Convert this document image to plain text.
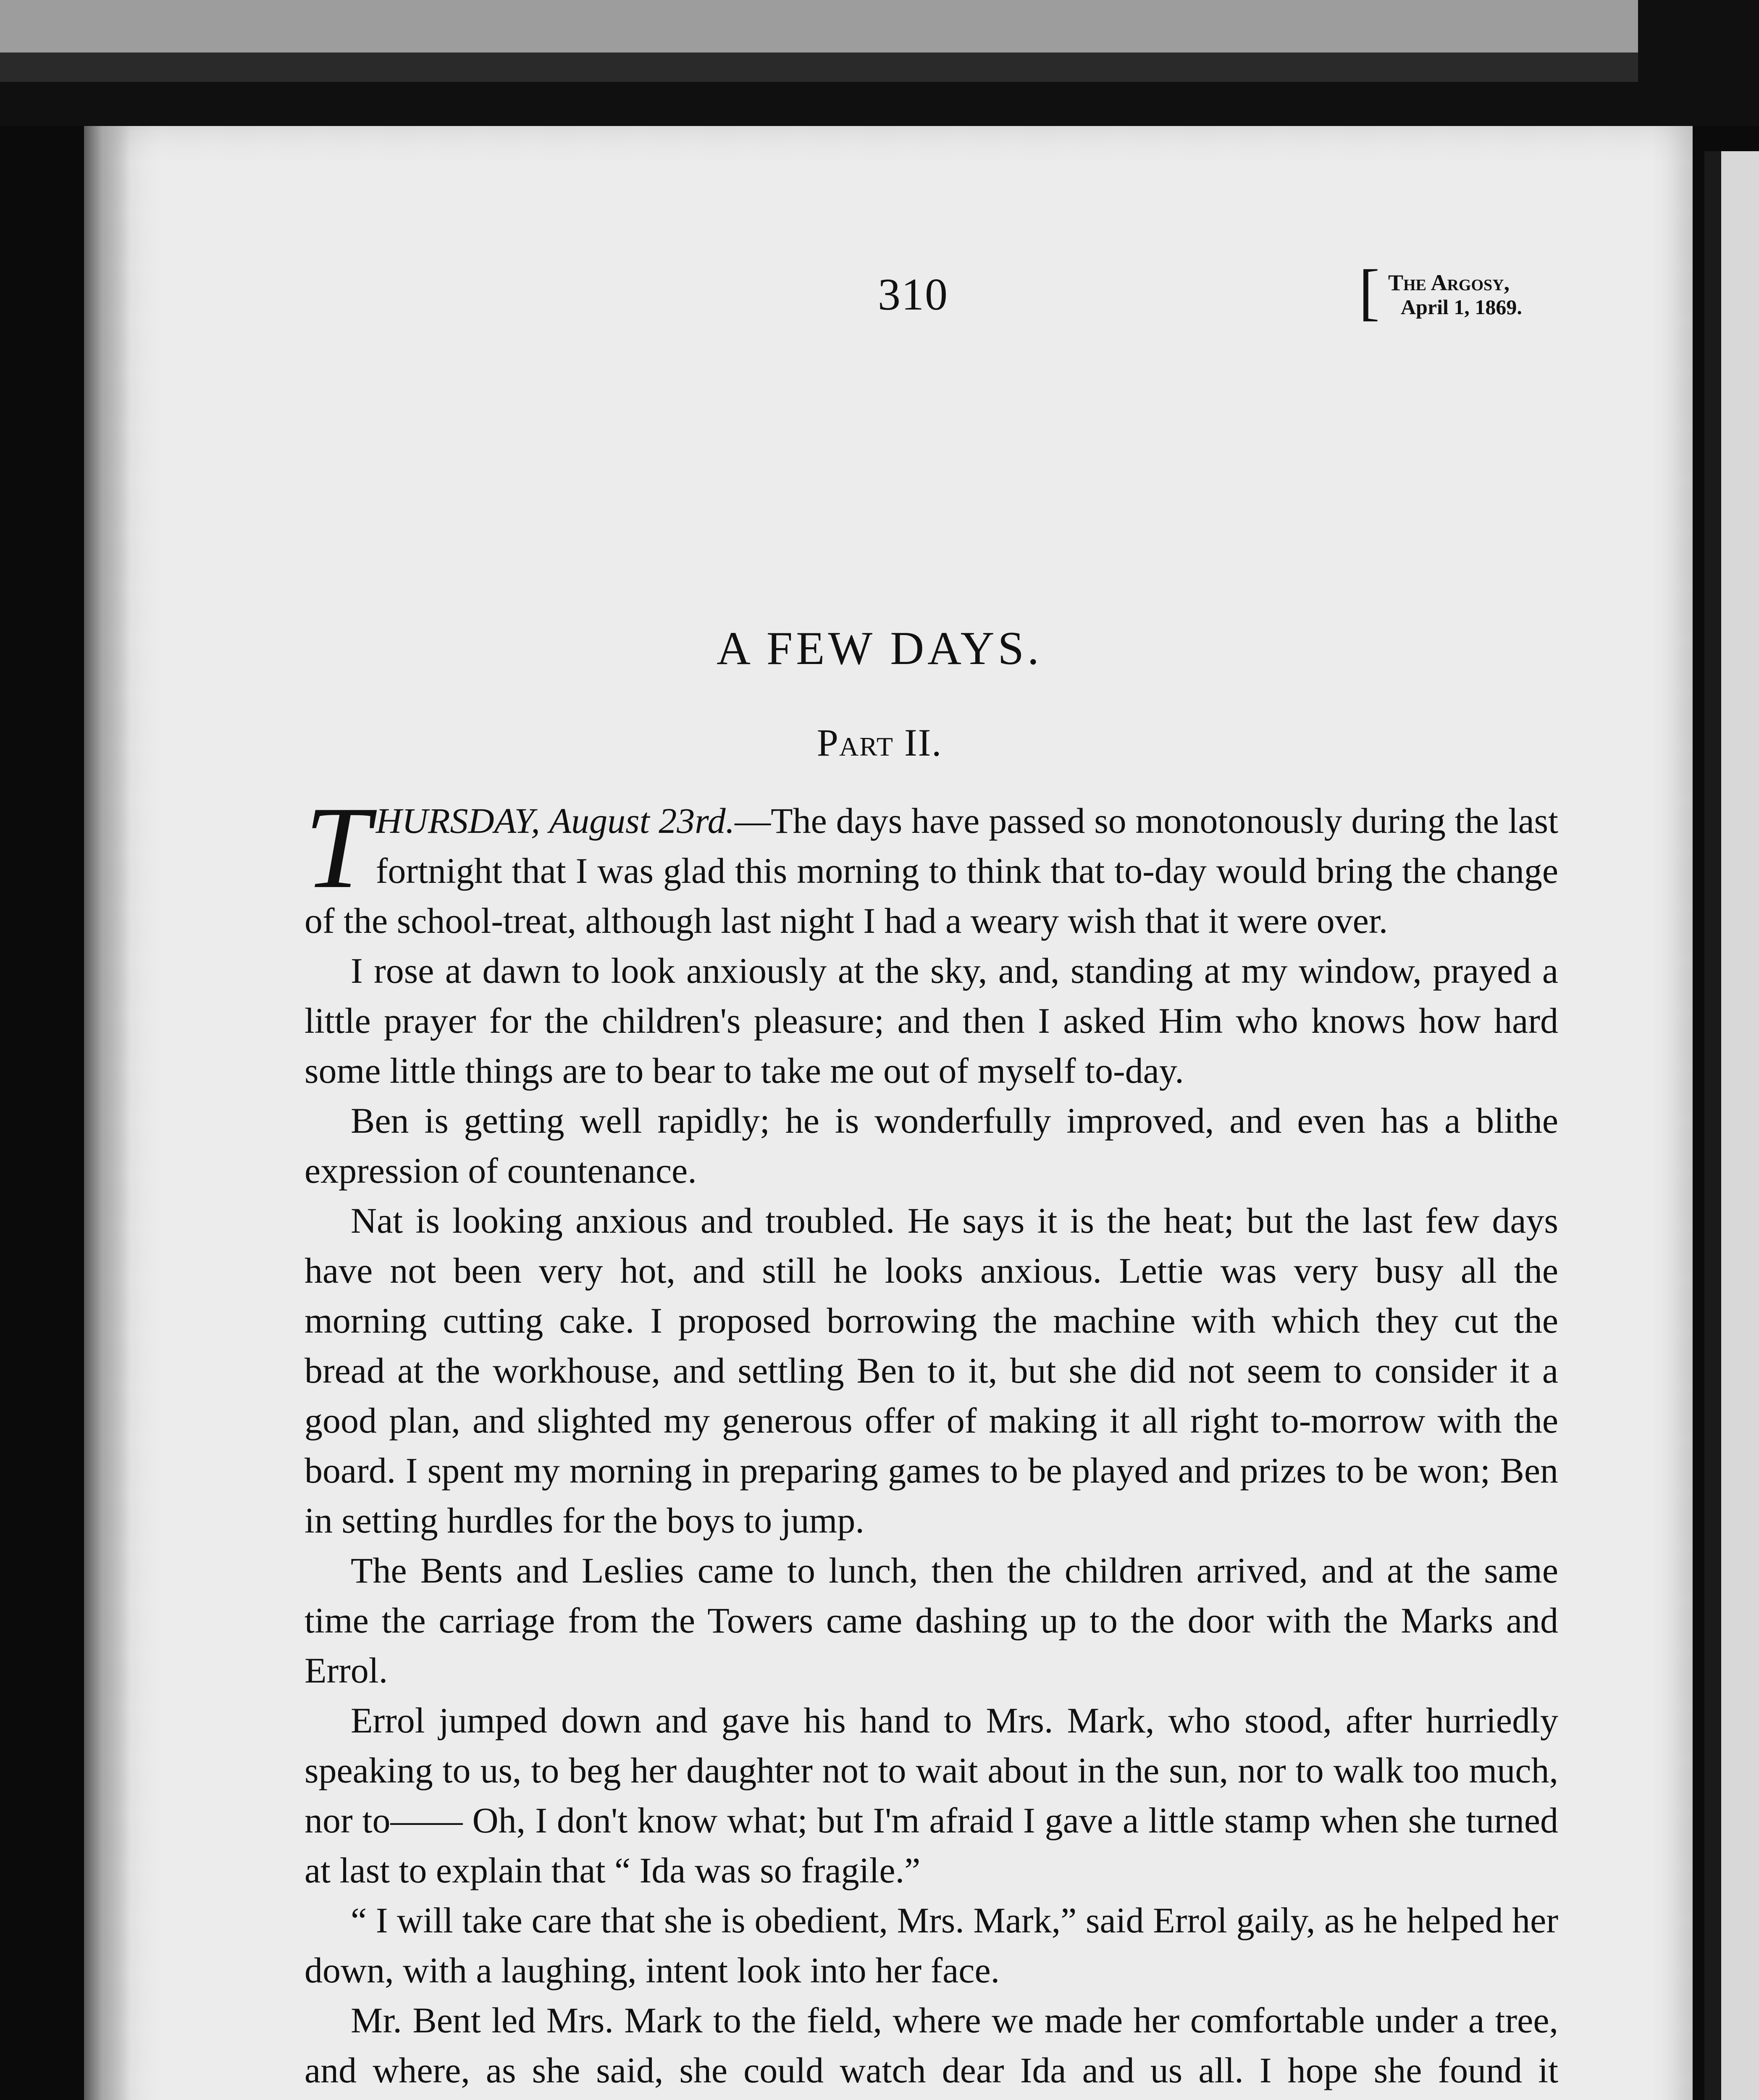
310	[ The Argosy,
April 1, 1869.
A FEW DAYS.
Part II.

THURSDAY, August 23rd.—The days have passed so monotonously during the last fortnight that I was glad this morning to think that to-day would bring the change of the school-treat, although last night I had a weary wish that it were over.

I rose at dawn to look anxiously at the sky, and, standing at my window, prayed a little prayer for the children's pleasure; and then I asked Him who knows how hard some little things are to bear to take me out of myself to-day.

Ben is getting well rapidly; he is wonderfully improved, and even has a blithe expression of countenance.

Nat is looking anxious and troubled. He says it is the heat; but the last few days have not been very hot, and still he looks anxious. Lettie was very busy all the morning cutting cake. I proposed borrowing the machine with which they cut the bread at the workhouse, and settling Ben to it, but she did not seem to consider it a good plan, and slighted my generous offer of making it all right to-morrow with the board. I spent my morning in preparing games to be played and prizes to be won; Ben in setting hurdles for the boys to jump.

The Bents and Leslies came to lunch, then the children arrived, and at the same time the carriage from the Towers came dashing up to the door with the Marks and Errol.

Errol jumped down and gave his hand to Mrs. Mark, who stood, after hurriedly speaking to us, to beg her daughter not to wait about in the sun, nor to walk too much, nor to—— Oh, I don't know what; but I'm afraid I gave a little stamp when she turned at last to explain that “ Ida was so fragile.”

“ I will take care that she is obedient, Mrs. Mark,” said Errol gaily, as he helped her down, with a laughing, intent look into her face.

Mr. Bent led Mrs. Mark to the field, where we made her comfortable under a tree, and where, as she said, she could watch dear Ida and us all. I hope she found it
